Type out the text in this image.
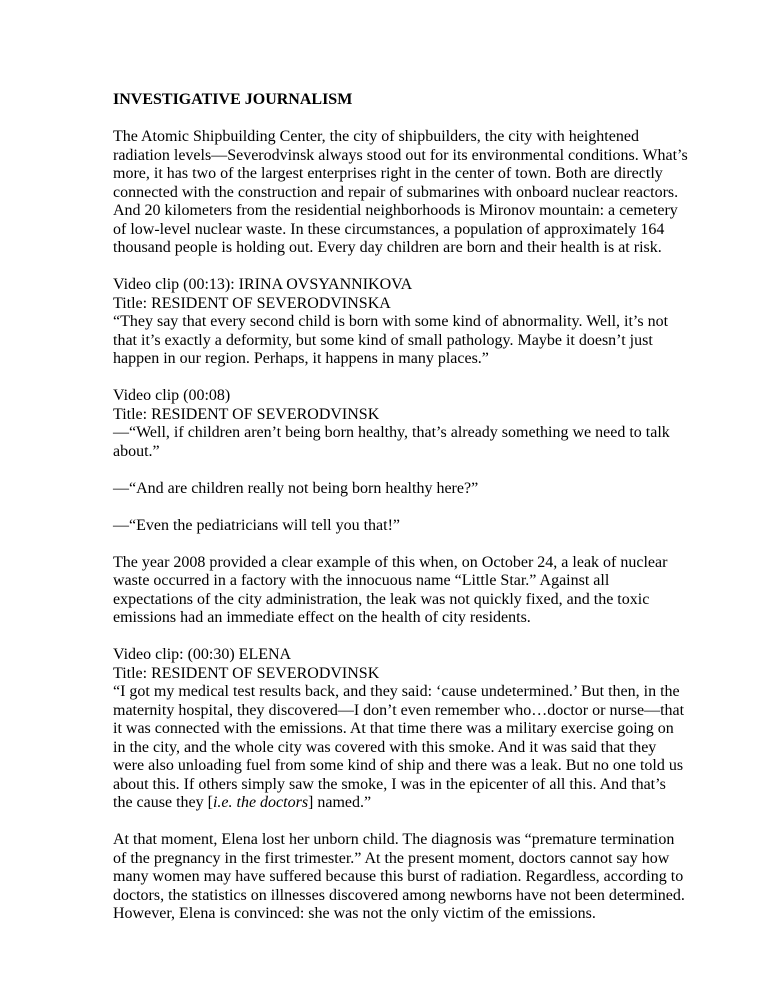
INVESTIGATIVE JOURNALISM
The Atomic Shipbuilding Center, the city of shipbuilders, the city with heightened
radiation levels—Severodvinsk always stood out for its environmental conditions. What’s
more, it has two of the largest enterprises right in the center of town. Both are directly
connected with the construction and repair of submarines with onboard nuclear reactors.
And 20 kilometers from the residential neighborhoods is Mironov mountain: a cemetery
of low-level nuclear waste. In these circumstances, a population of approximately 164
thousand people is holding out. Every day children are born and their health is at risk.
Video clip (00:13): IRINA OVSYANNIKOVA
Title: RESIDENT OF SEVERODVINSKA
“They say that every second child is born with some kind of abnormality. Well, it’s not
that it’s exactly a deformity, but some kind of small pathology. Maybe it doesn’t just
happen in our region. Perhaps, it happens in many places.”
Video clip (00:08)
Title: RESIDENT OF SEVERODVINSK
—“Well, if children aren’t being born healthy, that’s already something we need to talk
about.”
—“And are children really not being born healthy here?”
—“Even the pediatricians will tell you that!”
The year 2008 provided a clear example of this when, on October 24, a leak of nuclear
waste occurred in a factory with the innocuous name “Little Star.” Against all
expectations of the city administration, the leak was not quickly fixed, and the toxic
emissions had an immediate effect on the health of city residents.
Video clip: (00:30) ELENA
Title: RESIDENT OF SEVERODVINSK
“I got my medical test results back, and they said: ‘cause undetermined.’ But then, in the
maternity hospital, they discovered—I don’t even remember who…doctor or nurse—that
it was connected with the emissions. At that time there was a military exercise going on
in the city, and the whole city was covered with this smoke. And it was said that they
were also unloading fuel from some kind of ship and there was a leak. But no one told us
about this. If others simply saw the smoke, I was in the epicenter of all this. And that’s
the cause they [i.e. the doctors] named.”
At that moment, Elena lost her unborn child. The diagnosis was “premature termination
of the pregnancy in the first trimester.” At the present moment, doctors cannot say how
many women may have suffered because this burst of radiation. Regardless, according to
doctors, the statistics on illnesses discovered among newborns have not been determined.
However, Elena is convinced: she was not the only victim of the emissions.
